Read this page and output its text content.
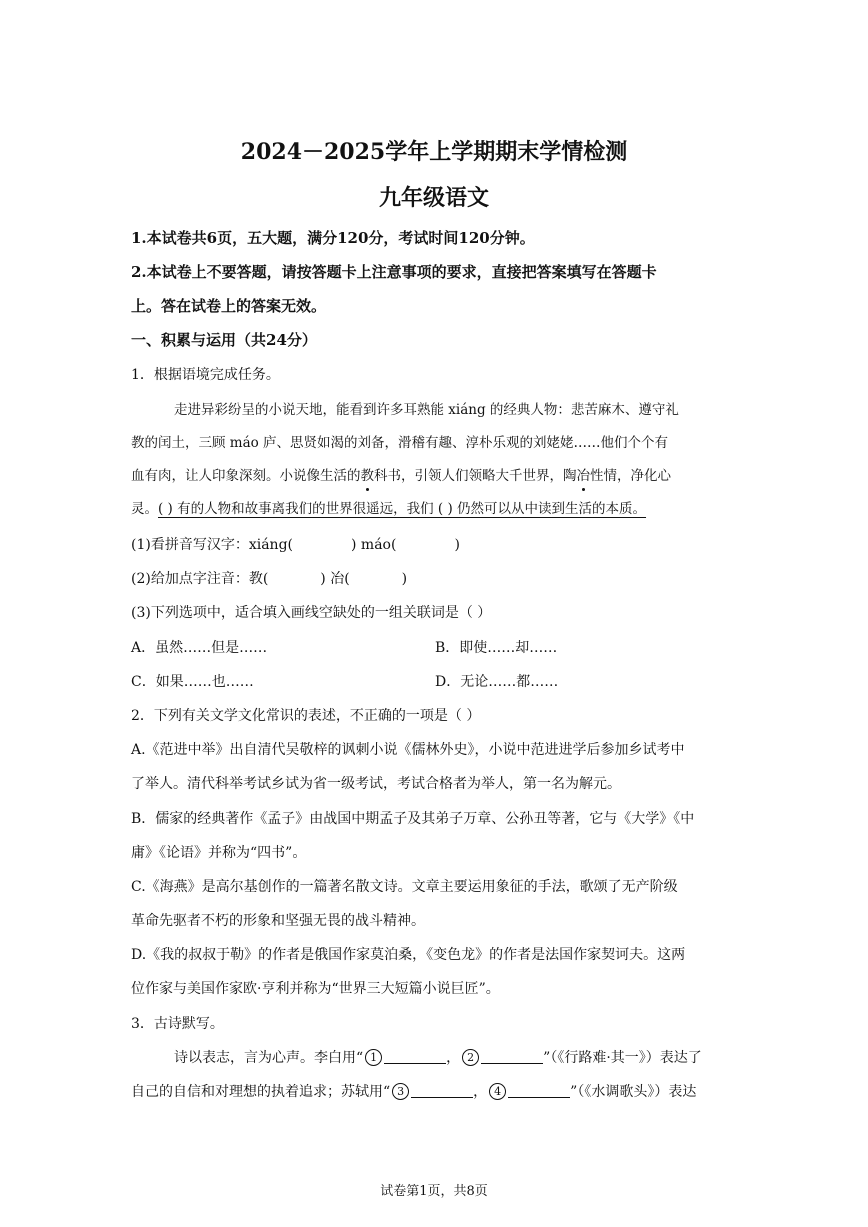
2024－2025学年上学期期末学情检测
九年级语文
1.本试卷共6页，五大题，满分120分，考试时间120分钟。
2.本试卷上不要答题，请按答题卡上注意事项的要求，直接把答案填写在答题卡
上。答在试卷上的答案无效。
一、积累与运用（共24分）
1．根据语境完成任务。
走进异彩纷呈的小说天地，能看到许多耳熟能 xiáng 的经典人物：悲苦麻木、遵守礼
教的闰土，三顾 máo 庐、思贤如渴的刘备，滑稽有趣、淳朴乐观的刘姥姥……他们个个有
血有肉，让人印象深刻。小说像生活的教科书，引领人们领略大千世界，陶冶性情，净化心
灵。( ) 有的人物和故事离我们的世界很遥远，我们 ( ) 仍然可以从中读到生活的本质。
(1)看拼音写汉字：xiáng(	) máo(	)
(2)给加点字注音：教(	) 冶(	)
(3)下列选项中，适合填入画线空缺处的一组关联词是（ ）
A．虽然……但是……	B．即使……却……
C．如果……也……	D．无论……都……
2．下列有关文学文化常识的表述，不正确的一项是（ ）
A.《范进中举》出自清代吴敬梓的讽刺小说《儒林外史》，小说中范进进学后参加乡试考中
了举人。清代科举考试乡试为省一级考试，考试合格者为举人，第一名为解元。
B．儒家的经典著作《孟子》由战国中期孟子及其弟子万章、公孙丑等著，它与《大学》《中
庸》《论语》并称为“四书”。
C.《海燕》是高尔基创作的一篇著名散文诗。文章主要运用象征的手法，歌颂了无产阶级
革命先驱者不朽的形象和坚强无畏的战斗精神。
D.《我的叔叔于勒》的作者是俄国作家莫泊桑，《变色龙》的作者是法国作家契诃夫。这两
位作家与美国作家欧·亨利并称为“世界三大短篇小说巨匠”。
3．古诗默写。
诗以表志，言为心声。李白用“ 1	， 2	”（《行路难·其一》）表达了
自己的自信和对理想的执着追求；苏轼用“ 3	， 4	”（《水调歌头》）表达
试卷第1页，共8页
